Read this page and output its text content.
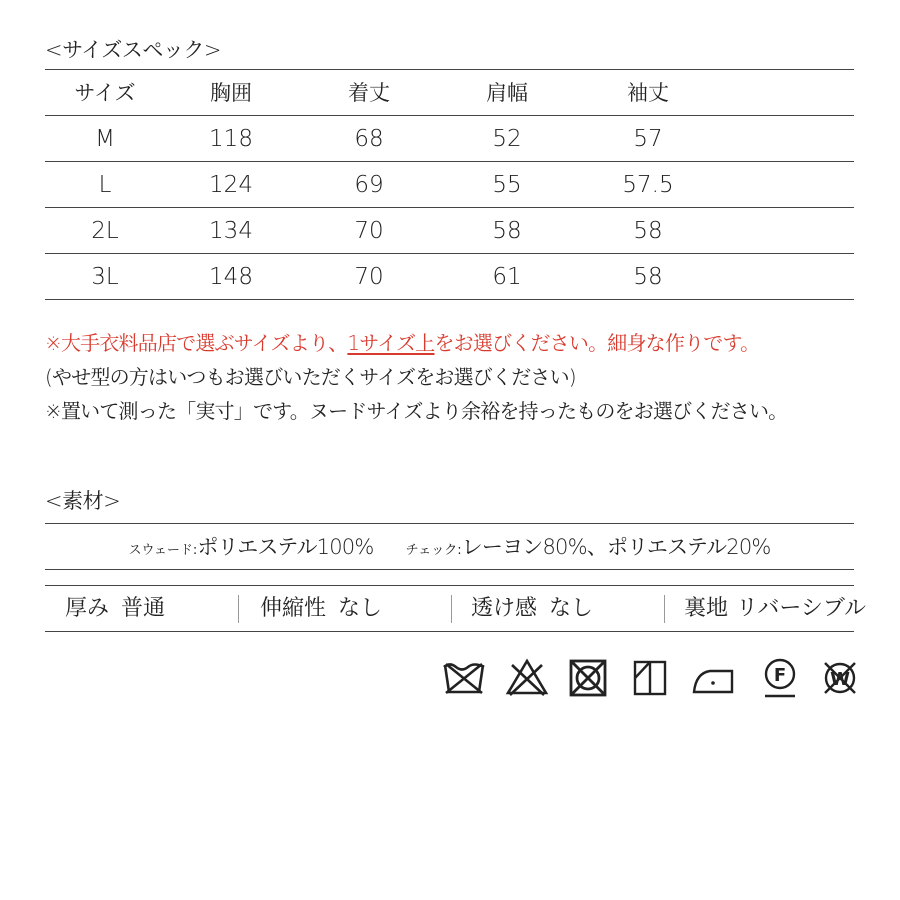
<サイズスペック>
サイズ	胸囲	着丈	肩幅	袖丈
M	118	68	52	57
L	124	69	55	57.5
2L	134	70	58	58
3L	148	70	61	58
※大手衣料品店で選ぶサイズより、1サイズ上をお選びください。細身な作りです。
(やせ型の方はいつもお選びいただくサイズをお選びください)
※置いて測った「実寸」です。ヌードサイズより余裕を持ったものをお選びください。
<素材>
スウェード:ポリエステル100% チェック:レーヨン80%、ポリエステル20%
厚み 普通	伸縮性 なし	透け感 なし	裏地 リバーシブル
F W
